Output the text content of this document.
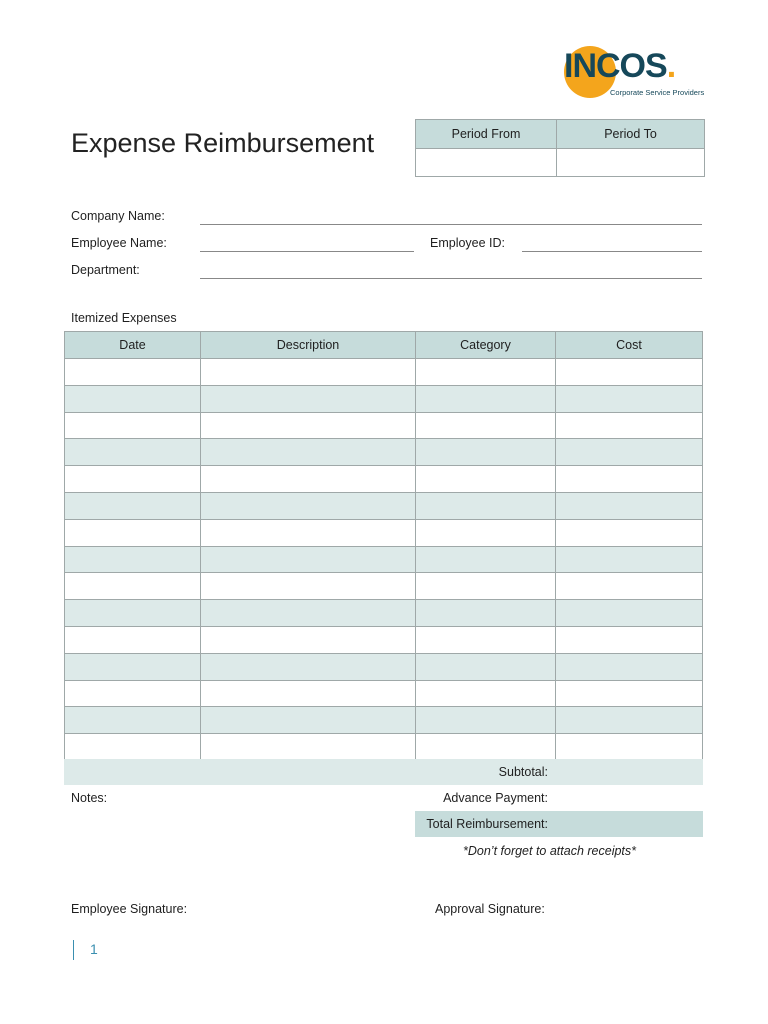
INCOS.
Corporate Service Providers
Expense Reimbursement	Period From	Period To

Company Name:
Employee Name:	Employee ID:
Department:
Itemized Expenses
Date	Description	Category	Cost

Subtotal:
Notes:	Advance Payment:
Total Reimbursement:
*Don’t forget to attach receipts*
Employee Signature:	Approval Signature:
1
